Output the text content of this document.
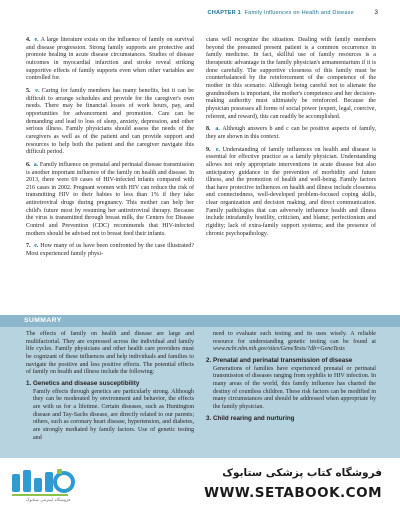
CHAPTER 1 Family Influences on Health and Disease	3

4. e. A large literature exists on the influence of family on survival and disease progression. Strong family supports are protective and promote healing in acute disease circumstances. Studies of disease outcomes in myocardial infarction and stroke reveal striking supportive effects of family supports even when other variables are controlled for.

5. e. Caring for family members has many benefits, but it can be difficult to arrange schedules and provide for the caregiver's own needs. There may be financial losses of work hours, pay, and opportunities for advancement and promotion. Care can be demanding and lead to loss of sleep, anxiety, depression, and other serious illness. Family physicians should assess the needs of the caregivers as well as of the patient and can provide support and resources to help both the patient and the caregiver navigate this difficult period.

6. a. Family influence on prenatal and perinatal disease transmission is another important influence of the family on health and disease. In 2013, there were 69 cases of HIV-infected infants compared with 216 cases in 2002. Pregnant women with HIV can reduce the risk of transmitting HIV to their babies to less than 1% if they take antiretroviral drugs during pregnancy. This mother can help her child's future most by resuming her antiretroviral therapy. Because the virus is transmitted through breast milk, the Centers for Disease Control and Prevention (CDC) recommends that HIV-infected mothers should be advised not to breast feed their infants.

7. e. How many of us have been confronted by the case illustrated? Most experienced family physi-

cians will recognize the situation. Dealing with family members beyond the presumed present patient is a common occurrence in family medicine. In fact, skillful use of family resources is a therapeutic advantage in the family physician's armamentarium if it is done carefully. The supportive closeness of this family must be counterbalanced by the reinforcement of the competence of the mother in this scenario. Although being careful not to alienate the grandmothers is important, the mother's competence and her decision-making authority must ultimately be reinforced. Because the physician possesses all forms of social power (expert, legal, coercive, referent, and reward), this can readily be accomplished.

8. a. Although answers b and c can be positive aspects of family, they are shown in this context.

9. e. Understanding of family influences on health and disease is essential for effective practice as a family physician. Understanding allows not only appropriate interventions in acute disease but also anticipatory guidance in the prevention of morbidity and future illness, and the promotion of health and well-being. Family factors that have protective influences on health and illness include closeness and connectedness, well-developed problem-focused coping skills, clear organization and decision making, and direct communication. Family pathologies that can adversely influence health and illness include intrafamily hostility, criticism, and blame; perfectionism and rigidity; lack of extra-family support systems; and the presence of chronic psychopathology.

SUMMARY

The effects of family on health and disease are large and multifactorial. They are expressed across the individual and family life cycles. Family physicians and other health care providers must be cognizant of these influences and help individuals and families to navigate the positive and less positive effects. The potential effects of family on health and illness include the following:

1. Genetics and disease susceptibility

Family effects through genetics are particularly strong. Although they can be moderated by environment and behavior, the effects are with us for a lifetime. Certain diseases, such as Huntington disease and Tay-Sachs disease, are directly related to our parents; others, such as coronary heart disease, hypertension, and diabetes, are strongly mediated by family factors. Use of genetic testing and

need to evaluate such testing and its uses wisely. A reliable resource for understanding genetic testing can be found at www.ncbi.nlm.nih.gov/sites/GeneTests/?db=GeneTests

2. Prenatal and perinatal transmission of disease

Generations of families have experienced prenatal or perinatal transmission of diseases ranging from syphilis to HIV infection. In many areas of the world, this family influence has charted the destiny of countless children. These risk factors can be modified in many circumstances and should be addressed when appropriate by the family physician.

3. Child rearing and nurturing
فروشگاه اینترنتی ستابوک
فروشگاه کتاب پزشکی ستابوک
WWW.SETABOOK.COM
